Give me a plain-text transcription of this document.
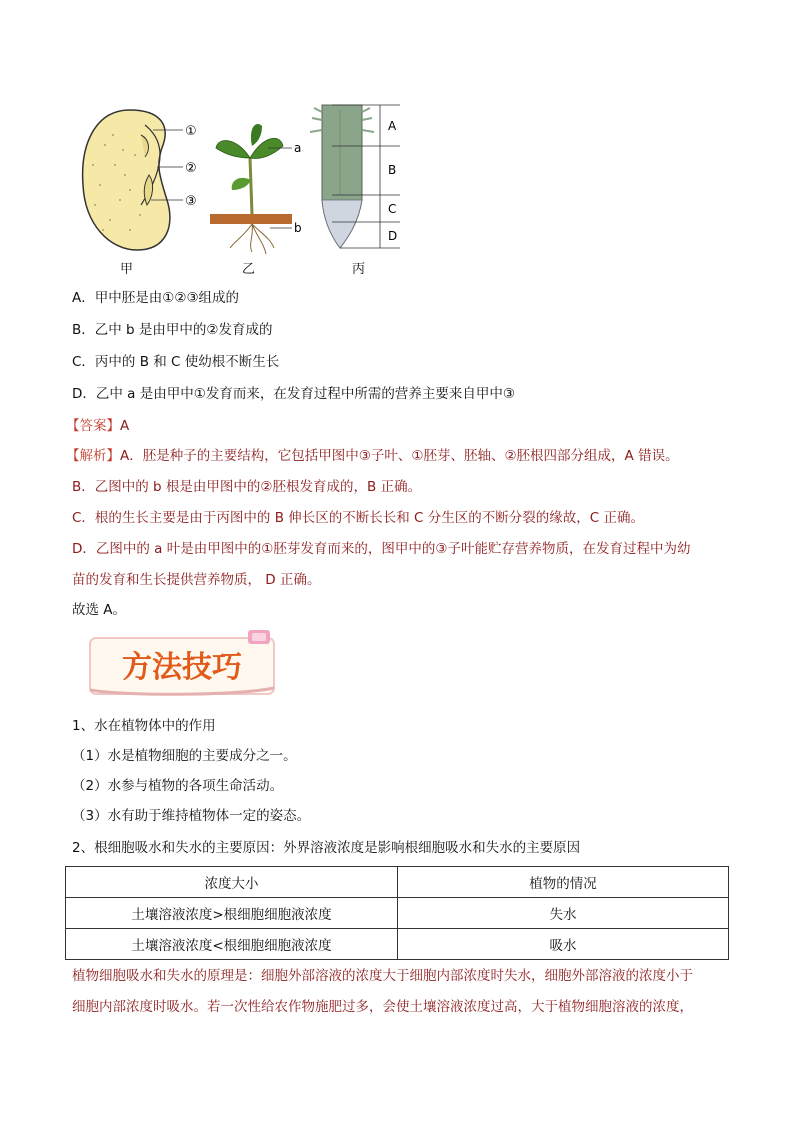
①
②
③
甲
a
b
乙
A
B
C
D
丙
A．甲中胚是由①②③组成的
B．乙中 b 是由甲中的②发育成的
C．丙中的 B 和 C 使幼根不断生长
D．乙中 a 是由甲中①发育而来，在发育过程中所需的营养主要来自甲中③
【答案】A
【解析】A．胚是种子的主要结构，它包括甲图中③子叶、①胚芽、胚轴、②胚根四部分组成，A 错误。
B．乙图中的 b 根是由甲图中的②胚根发育成的，B 正确。
C．根的生长主要是由于丙图中的 B 伸长区的不断长长和 C 分生区的不断分裂的缘故，C 正确。
D．乙图中的 a 叶是由甲图中的①胚芽发育而来的，图甲中的③子叶能贮存营养物质，在发育过程中为幼
苗的发育和生长提供营养物质， D 正确。
故选 A。
方法技巧
1、水在植物体中的作用
（1）水是植物细胞的主要成分之一。
（2）水参与植物的各项生命活动。
（3）水有助于维持植物体一定的姿态。
2、根细胞吸水和失水的主要原因：外界溶液浓度是影响根细胞吸水和失水的主要原因
浓度大小	植物的情况
土壤溶液浓度>根细胞细胞液浓度	失水
土壤溶液浓度<根细胞细胞液浓度	吸水
植物细胞吸水和失水的原理是：细胞外部溶液的浓度大于细胞内部浓度时失水，细胞外部溶液的浓度小于
细胞内部浓度时吸水。若一次性给农作物施肥过多，会使土壤溶液浓度过高，大于植物细胞溶液的浓度，
